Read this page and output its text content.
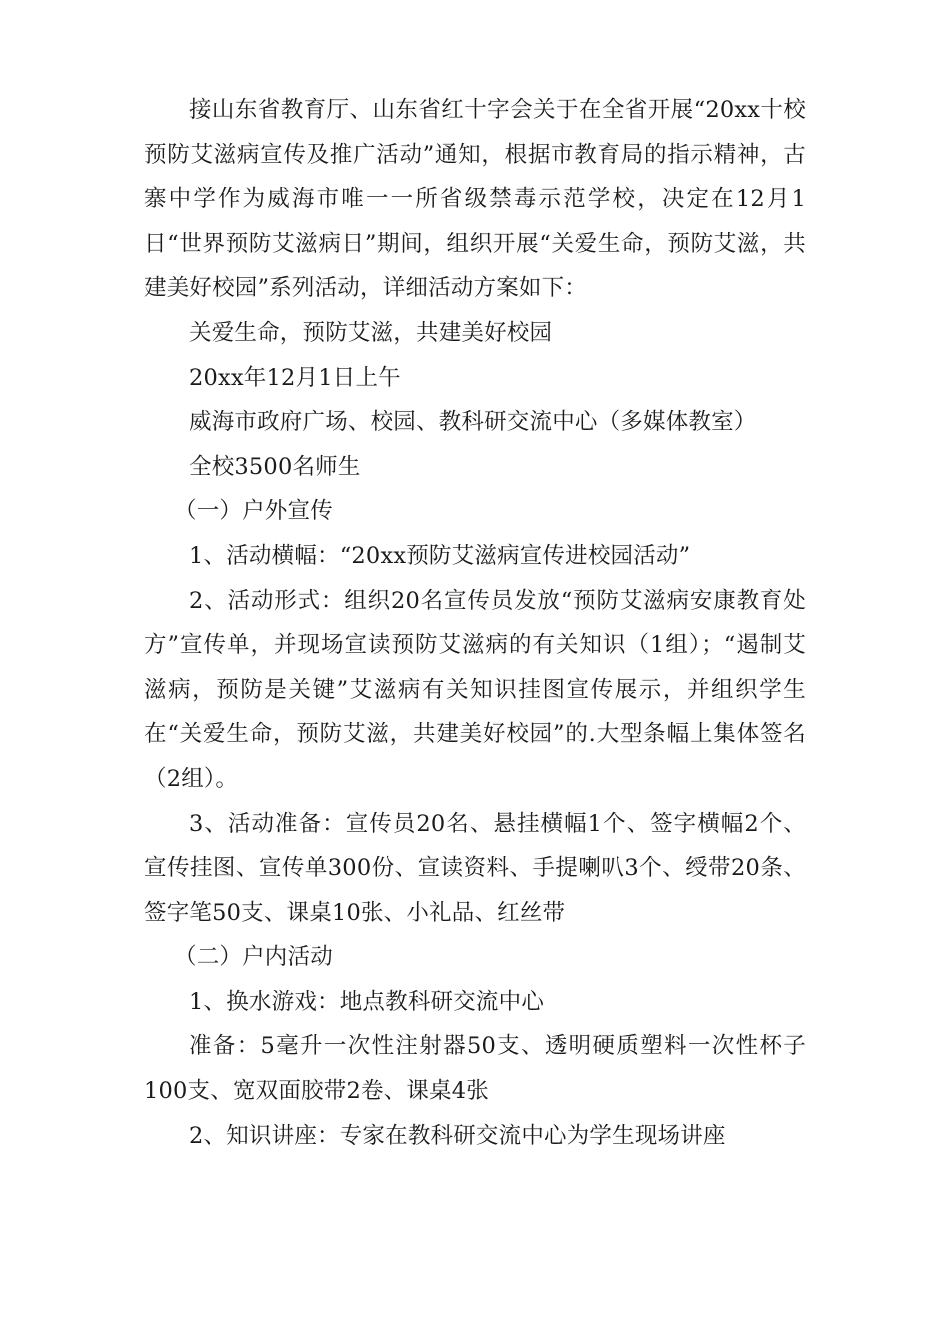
接山东省教育厅、山东省红十字会关于在全省开展“20xx十校预防艾滋病宣传及推广活动”通知，根据市教育局的指示精神，古寨中学作为威海市唯一一所省级禁毒示范学校，决定在12月1日“世界预防艾滋病日”期间，组织开展“关爱生命，预防艾滋，共建美好校园”系列活动，详细活动方案如下：

关爱生命，预防艾滋，共建美好校园

20xx年12月1日上午

威海市政府广场、校园、教科研交流中心（多媒体教室）

全校3500名师生

（一）户外宣传

1、活动横幅：“20xx预防艾滋病宣传进校园活动”

2、活动形式：组织20名宣传员发放“预防艾滋病安康教育处方”宣传单，并现场宣读预防艾滋病的有关知识（1组）；“遏制艾滋病，预防是关键”艾滋病有关知识挂图宣传展示，并组织学生在“关爱生命，预防艾滋，共建美好校园”的.大型条幅上集体签名（2组）。

3、活动准备：宣传员20名、悬挂横幅1个、签字横幅2个、宣传挂图、宣传单300份、宣读资料、手提喇叭3个、绶带20条、签字笔50支、课桌10张、小礼品、红丝带

（二）户内活动

1、换水游戏：地点教科研交流中心

准备：5毫升一次性注射器50支、透明硬质塑料一次性杯子100支、宽双面胶带2卷、课桌4张

2、知识讲座：专家在教科研交流中心为学生现场讲座
